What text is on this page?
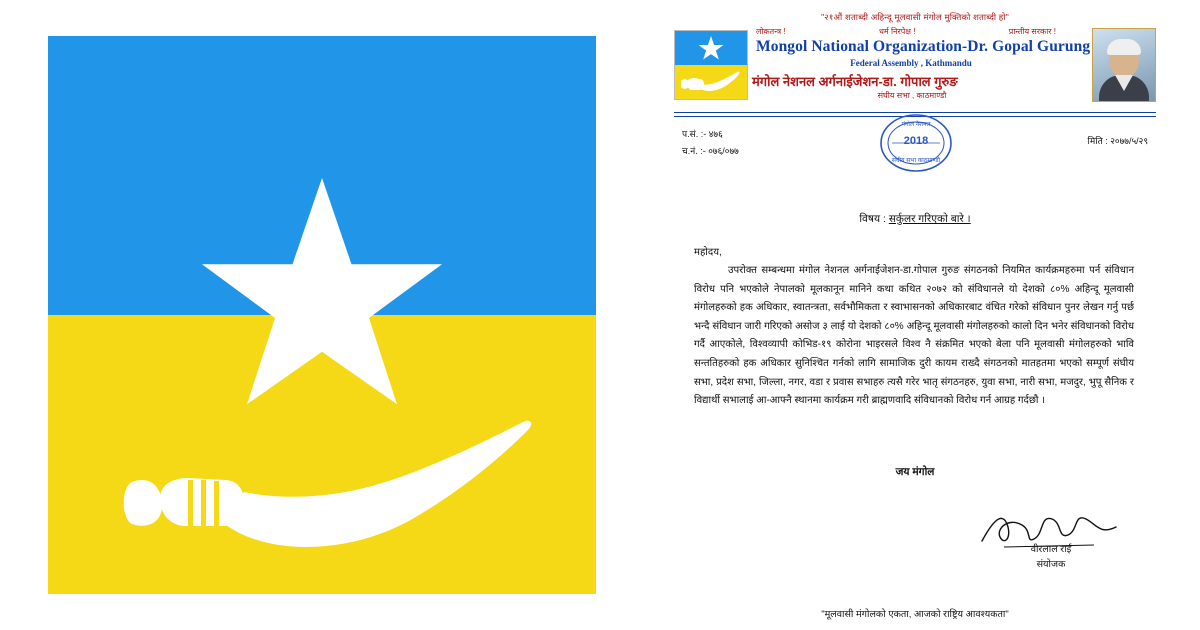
"२१औं शताब्दी अहिन्दू मूलवासी मंगोल मुक्तिको शताब्दी हो"
लोकतन्त्र !	धर्म निरपेक्ष !	प्रान्तीय सरकार !
Mongol National Organization-Dr. Gopal Gurung
Federal Assembly , Kathmandu
मंगोल नेशनल अर्गनाईजेशन-डा. गोपाल गुरुङ
संघीय सभा , काठमाण्डौ
प.सं. :- ४७६
च.नं. :- ०७६/०७७
मिति : २०७७/५/२९
मंगोल नेशनल
2018
संघीय सभा काठमाण्डौ
विषय : सर्कुलर गरिएको बारे ।
महोदय,
उपरोक्त सम्बन्धमा मंगोल नेशनल अर्गनाईजेशन-डा.गोपाल गुरुङ संगठनको नियमित कार्यक्रमहरुमा पर्न संविधान विरोध पनि भएकोले नेपालको मूलकानून मानिने कथा कथित २०७२ को संविधानले यो देशको ८०% अहिन्दू मूलवासी मंगोलहरुको हक अधिकार, स्वातन्त्रता, सर्वभौमिकता र स्वाभासनको अधिकारबाट वंचित गरेको संविधान पुनर लेखन गर्नु पर्छ भन्दै संविधान जारी गरिएको असोज ३ लाई यो देशको ८०% अहिन्दू मूलवासी मंगोलहरुको कालो दिन भनेर संविधानको विरोध गर्दै आएकोले, विश्वव्यापी कोभिड-१९ कोरोना भाइरसले विश्व नै संक्रमित भएको बेला पनि मूलवासी मंगोलहरुको भावि सन्ततिहरुको हक अधिकार सुनिश्चित गर्नको लागि सामाजिक दुरी कायम राख्दै संगठनको मातहतमा भएको सम्पूर्ण संघीय सभा, प्रदेश सभा, जिल्ला, नगर, वडा र प्रवास सभाहरु त्यसै गरेर भातृ संगठनहरु, युवा सभा, नारी सभा, मजदुर, भुपू सैनिक र विद्यार्थी सभालाई आ-आफ्नै स्थानमा कार्यक्रम गरी ब्राह्मणवादि संविधानको विरोध गर्न आग्रह गर्दछौ ।
जय मंगोल
वीरलाल राई
संयोजक
"मूलवासी मंगोलको एकता, आजको राष्ट्रिय आवश्यकता"
